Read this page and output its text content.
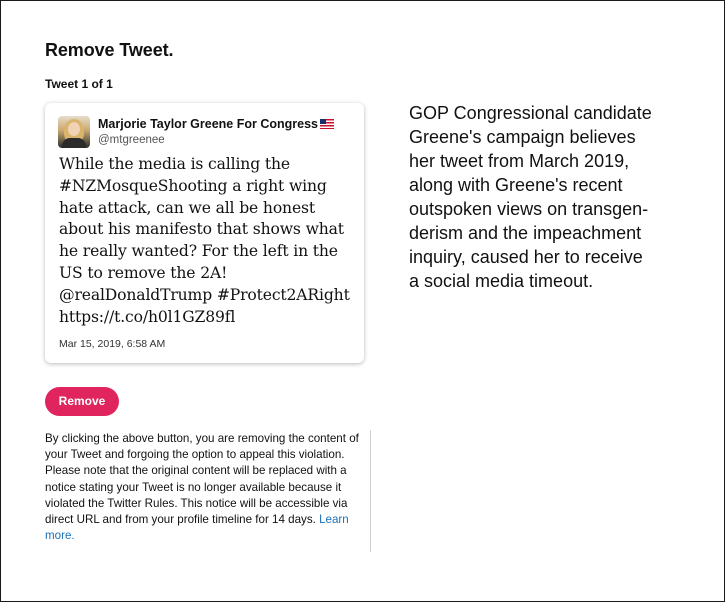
Remove Tweet.
Tweet 1 of 1
Marjorie Taylor Greene For Congress
@mtgreenee
While the media is calling the
#NZMosqueShooting a right wing
hate attack, can we all be honest
about his manifesto that shows what
he really wanted? For the left in the
US to remove the 2A!
@realDonaldTrump #Protect2ARight
https://t.co/h0l1GZ89fl
Mar 15, 2019, 6:58 AM
Remove
By clicking the above button, you are removing the content of your Tweet and forgoing the option to appeal this violation. Please note that the original content will be replaced with a notice stating your Tweet is no longer available because it violated the Twitter Rules. This notice will be accessible via direct URL and from your profile timeline for 14 days. Learn more.
GOP Congressional candidate
Greene's campaign believes
her tweet from March 2019,
along with Greene's recent
outspoken views on transgen-
derism and the impeachment
inquiry, caused her to receive
a social media timeout.
